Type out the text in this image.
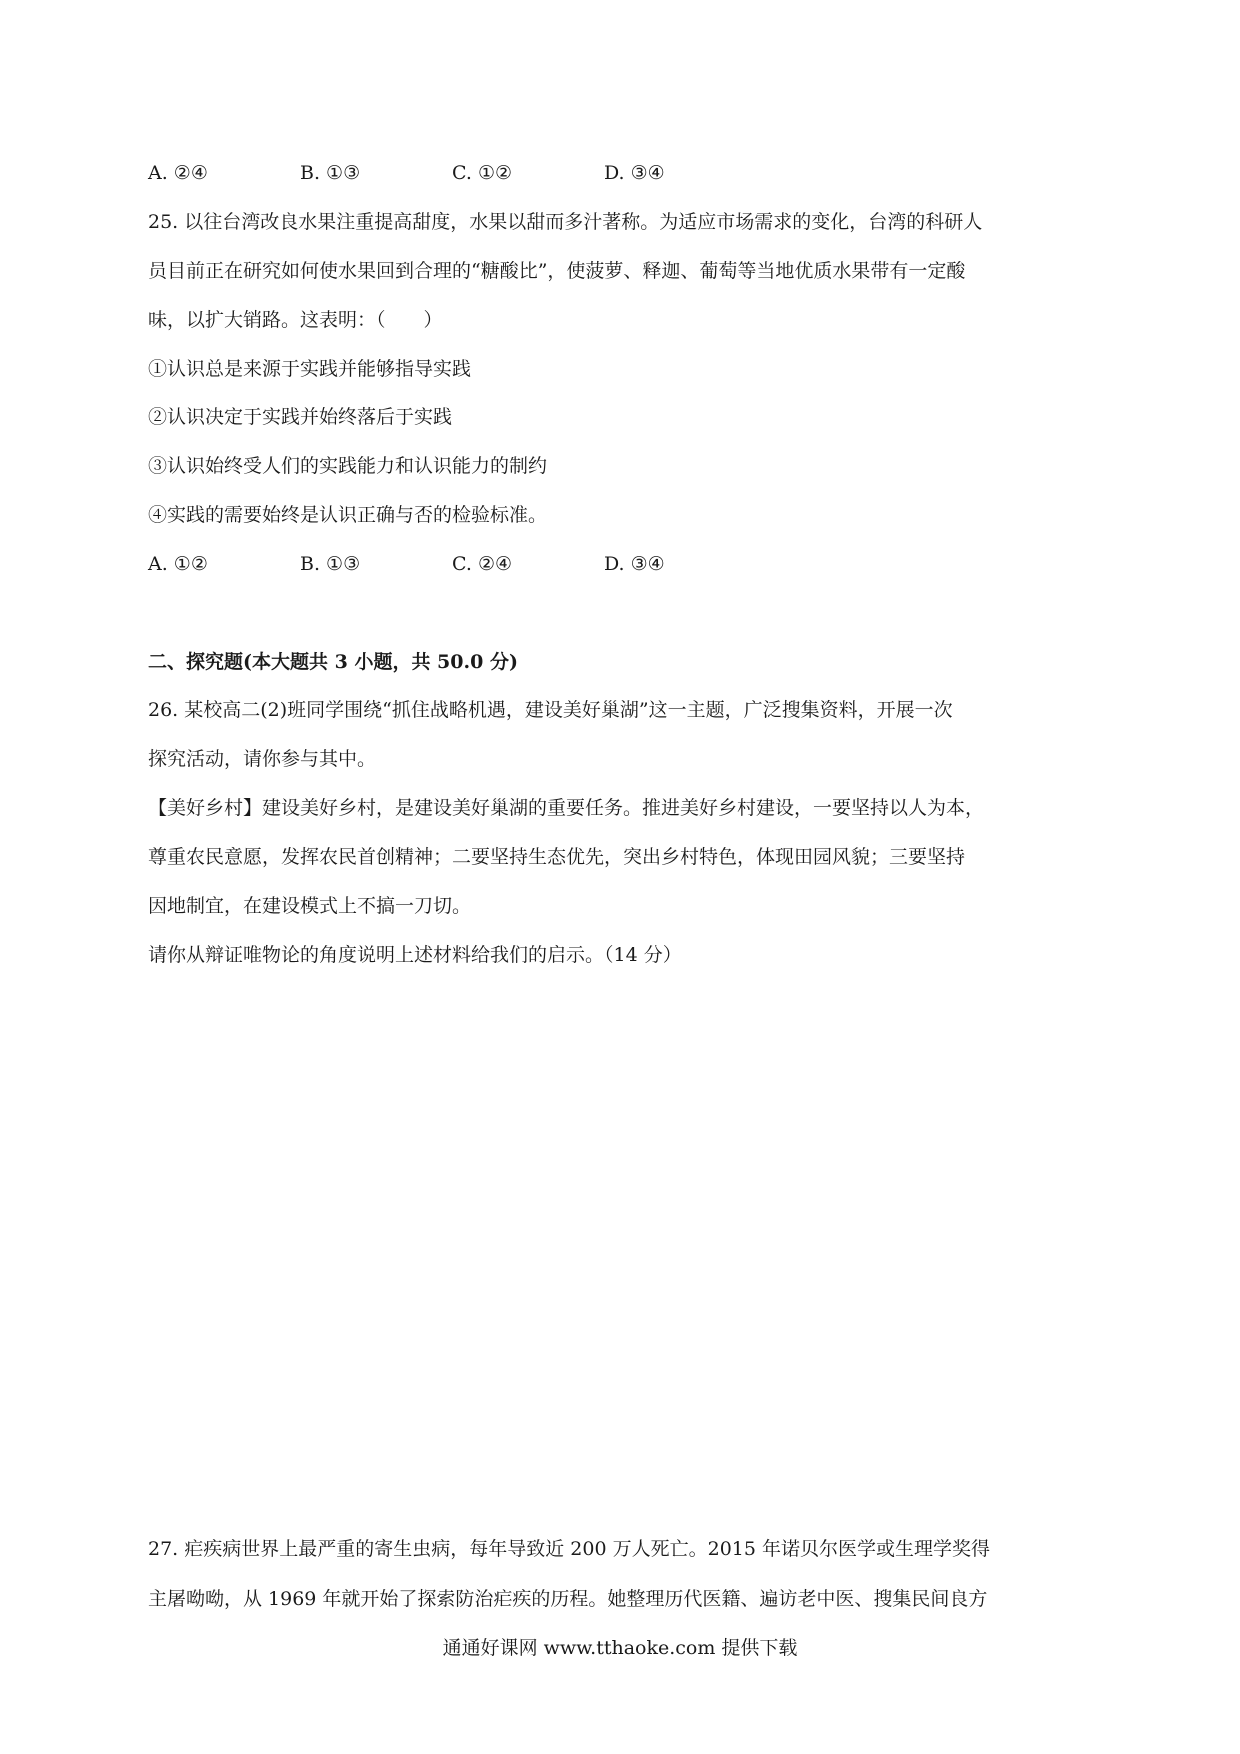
A. ②④	B. ①③	C. ①②	D. ③④
25. 以往台湾改良水果注重提高甜度，水果以甜而多汁著称。为适应市场需求的变化，台湾的科研人
员目前正在研究如何使水果回到合理的“糖酸比”，使菠萝、释迦、葡萄等当地优质水果带有一定酸
味，以扩大销路。这表明：（　　）
①认识总是来源于实践并能够指导实践
②认识决定于实践并始终落后于实践
③认识始终受人们的实践能力和认识能力的制约
④实践的需要始终是认识正确与否的检验标准。
A. ①②	B. ①③	C. ②④	D. ③④
二、探究题(本大题共 3 小题，共 50.0 分)
26. 某校高二(2)班同学围绕“抓住战略机遇，建设美好巢湖”这一主题，广泛搜集资料，开展一次
探究活动，请你参与其中。
【美好乡村】建设美好乡村，是建设美好巢湖的重要任务。推进美好乡村建设，一要坚持以人为本，
尊重农民意愿，发挥农民首创精神；二要坚持生态优先，突出乡村特色，体现田园风貌；三要坚持
因地制宜，在建设模式上不搞一刀切。
请你从辩证唯物论的角度说明上述材料给我们的启示。（14 分）
27. 疟疾病世界上最严重的寄生虫病，每年导致近 200 万人死亡。2015 年诺贝尔医学或生理学奖得
主屠呦呦，从 1969 年就开始了探索防治疟疾的历程。她整理历代医籍、遍访老中医、搜集民间良方
通通好课网 www.tthaoke.com 提供下载
